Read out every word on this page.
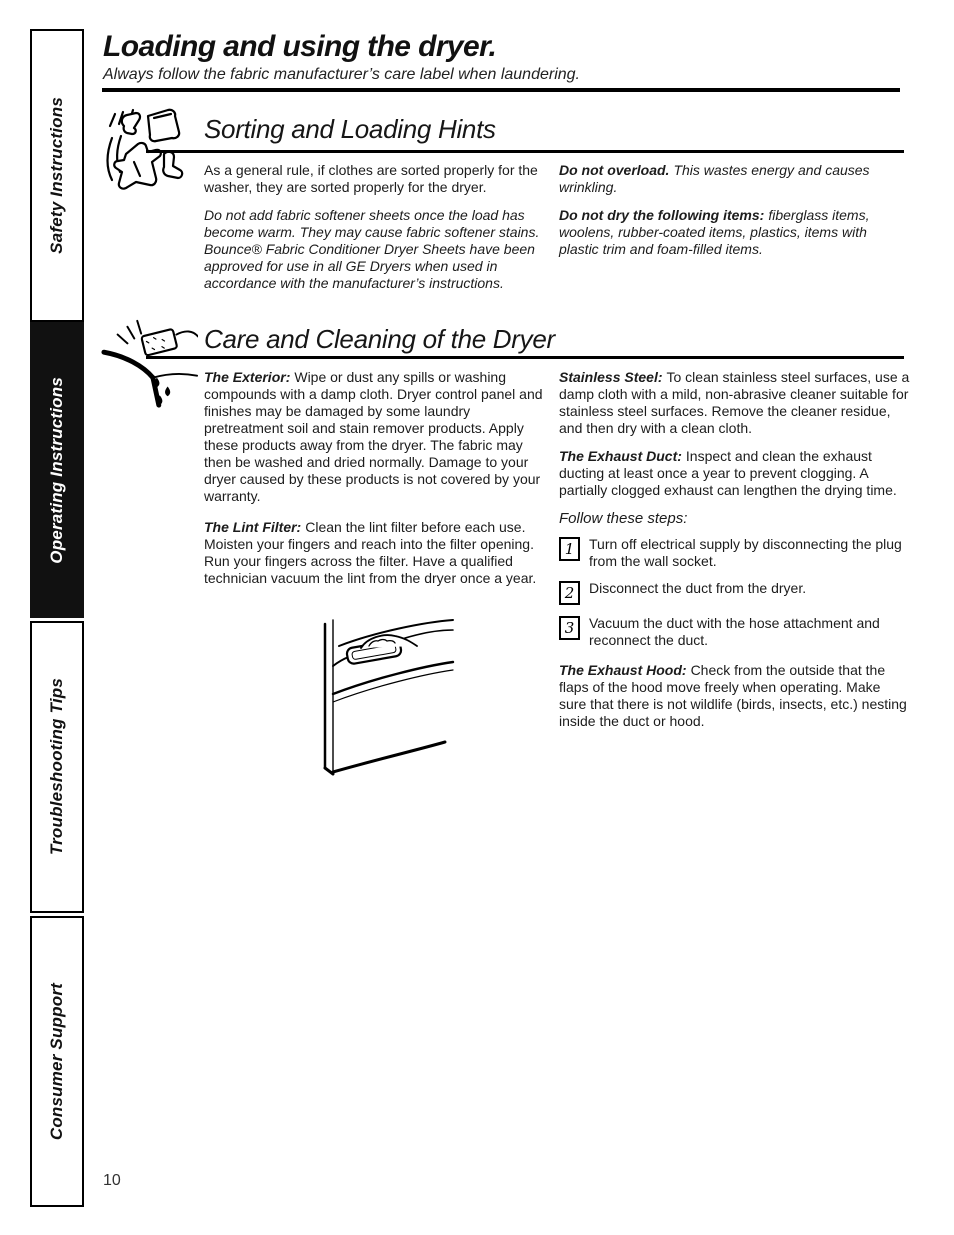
Safety Instructions
Operating Instructions
Troubleshooting Tips
Consumer Support
Loading and using the dryer.

Always follow the fabric manufacturer’s care label when laundering.

Sorting and Loading Hints

As a general rule, if clothes are sorted properly for the washer, they are sorted properly for the dryer.

Do not add fabric softener sheets once the load has become warm. They may cause fabric softener stains. Bounce® Fabric Conditioner Dryer Sheets have been approved for use in all GE Dryers when used in accordance with the manufacturer’s instructions.

Do not overload. This wastes energy and causes wrinkling.

Do not dry the following items: fiberglass items, woolens, rubber-coated items, plastics, items with plastic trim and foam-filled items.

Care and Cleaning of the Dryer

The Exterior: Wipe or dust any spills or washing compounds with a damp cloth. Dryer control panel and finishes may be damaged by some laundry pretreatment soil and stain remover products. Apply these products away from the dryer. The fabric may then be washed and dried normally. Damage to your dryer caused by these products is not covered by your warranty.

The Lint Filter: Clean the lint filter before each use. Moisten your fingers and reach into the filter opening. Run your fingers across the filter. Have a qualified technician vacuum the lint from the dryer once a year.

Stainless Steel: To clean stainless steel surfaces, use a damp cloth with a mild, non-abrasive cleaner suitable for stainless steel surfaces. Remove the cleaner residue, and then dry with a clean cloth.

The Exhaust Duct: Inspect and clean the exhaust ducting at least once a year to prevent clogging. A partially clogged exhaust can lengthen the drying time.

Follow these steps:

1	Turn off electrical supply by disconnecting the plug from the wall socket.
2	Disconnect the duct from the dryer.
3	Vacuum the duct with the hose attachment and reconnect the duct.

The Exhaust Hood: Check from the outside that the flaps of the hood move freely when operating. Make sure that there is not wildlife (birds, insects, etc.) nesting inside the duct or hood.

10
